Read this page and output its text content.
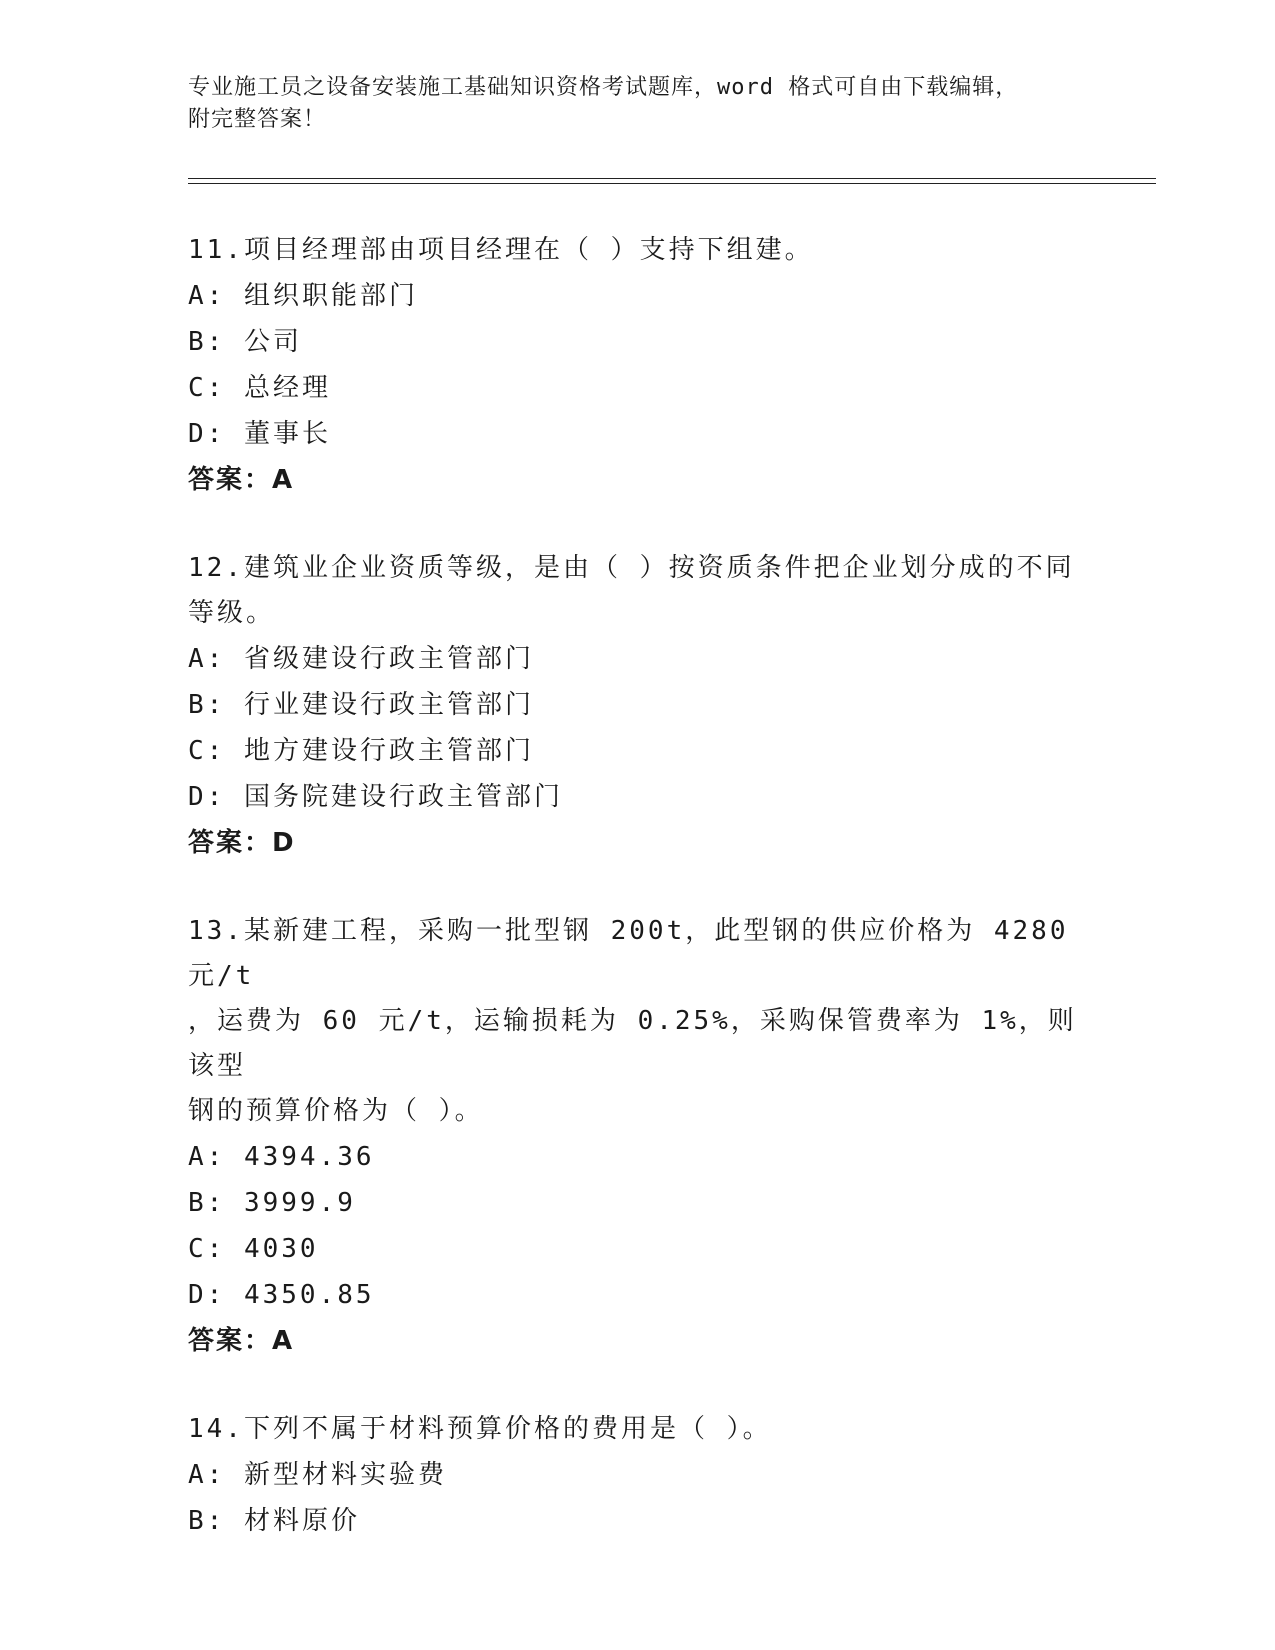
专业施工员之设备安装施工基础知识资格考试题库，word 格式可自由下载编辑，
附完整答案！
11.项目经理部由项目经理在（ ）支持下组建。
A: 组织职能部门
B: 公司
C: 总经理
D: 董事长
答案：A
12.建筑业企业资质等级，是由（ ）按资质条件把企业划分成的不同
等级。
A: 省级建设行政主管部门
B: 行业建设行政主管部门
C: 地方建设行政主管部门
D: 国务院建设行政主管部门
答案：D
13.某新建工程，采购一批型钢 200t，此型钢的供应价格为 4280 元/t
，运费为 60 元/t，运输损耗为 0.25%，采购保管费率为 1%，则该型
钢的预算价格为（ ）。
A: 4394.36
B: 3999.9
C: 4030
D: 4350.85
答案：A
14.下列不属于材料预算价格的费用是（ ）。
A: 新型材料实验费
B: 材料原价
